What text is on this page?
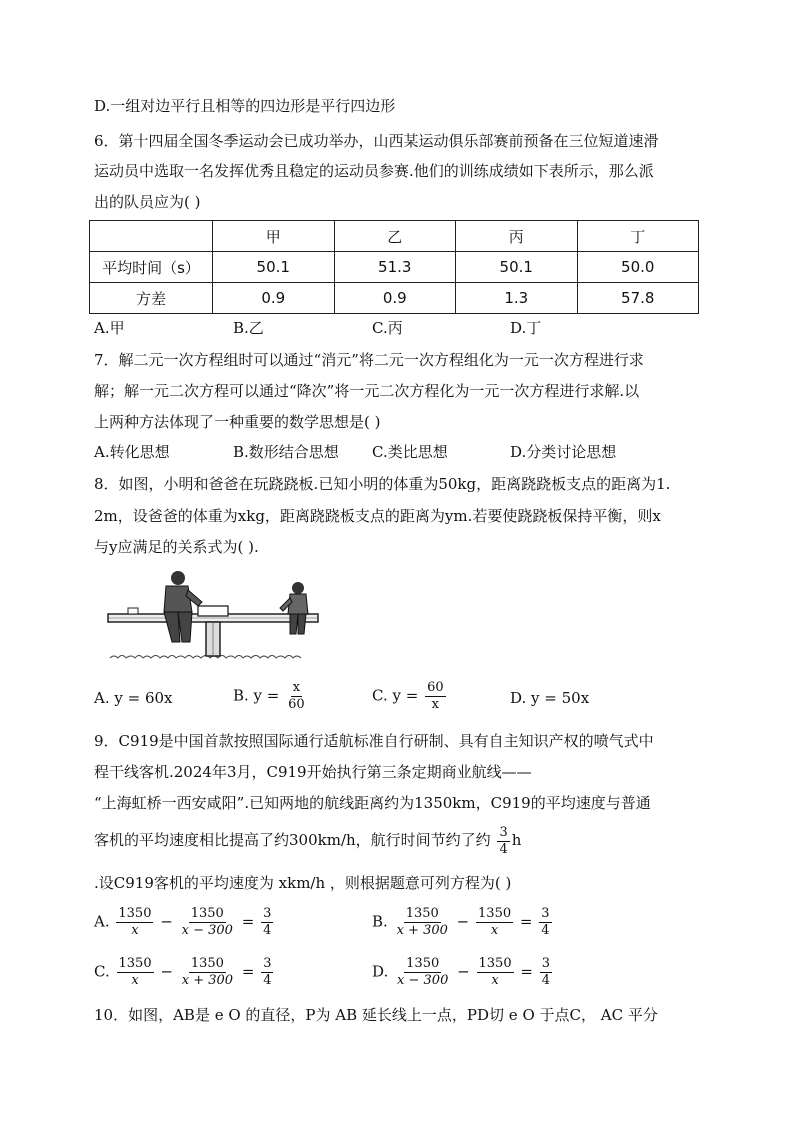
D.一组对边平行且相等的四边形是平行四边形
6．第十四届全国冬季运动会已成功举办，山西某运动俱乐部赛前预备在三位短道速滑
运动员中选取一名发挥优秀且稳定的运动员参赛.他们的训练成绩如下表所示，那么派
出的队员应为( )
	甲	乙	丙	丁
平均时间（s）	50.1	51.3	50.1	50.0
方差	0.9	0.9	1.3	57.8
A.甲	B.乙	C.丙	D.丁
7．解二元一次方程组时可以通过“消元”将二元一次方程组化为一元一次方程进行求
解；解一元二次方程可以通过“降次”将一元二次方程化为一元一次方程进行求解.以
上两种方法体现了一种重要的数学思想是( )
A.转化思想	B.数形结合思想 C.类比思想	D.分类讨论思想
8．如图，小明和爸爸在玩跷跷板.已知小明的体重为50kg，距离跷跷板支点的距离为1.
2m，设爸爸的体重为xkg，距离跷跷板支点的距离为ym.若要使跷跷板保持平衡，则x
与y应满足的关系式为( ).
A. y = 60x	B. $y = \frac{x}{60}$	C. $y = \frac{60}{x}$	D. y = 50x
9．C919是中国首款按照国际通行适航标准自行研制、具有自主知识产权的喷气式中
程干线客机.2024年3月，C919开始执行第三条定期商业航线——
“上海虹桥一西安咸阳”.已知两地的航线距离约为1350km，C919的平均速度与普通
客机的平均速度相比提高了约300km/h，航行时间节约了约 $\frac{3}{4}$ h
.设C919客机的平均速度为 xkm/h ，则根据题意可列方程为( )
A. $\frac{1350}{x} - \frac{1350}{x - 300} = \frac{3}{4}$	B. $\frac{1350}{x + 300} - \frac{1350}{x} = \frac{3}{4}$
C. $\frac{1350}{x} - \frac{1350}{x + 300} = \frac{3}{4}$	D. $\frac{1350}{x - 300} - \frac{1350}{x} = \frac{3}{4}$
10．如图，AB是 e O 的直径，P为 AB 延长线上一点，PD切 e O 于点C， AC 平分
